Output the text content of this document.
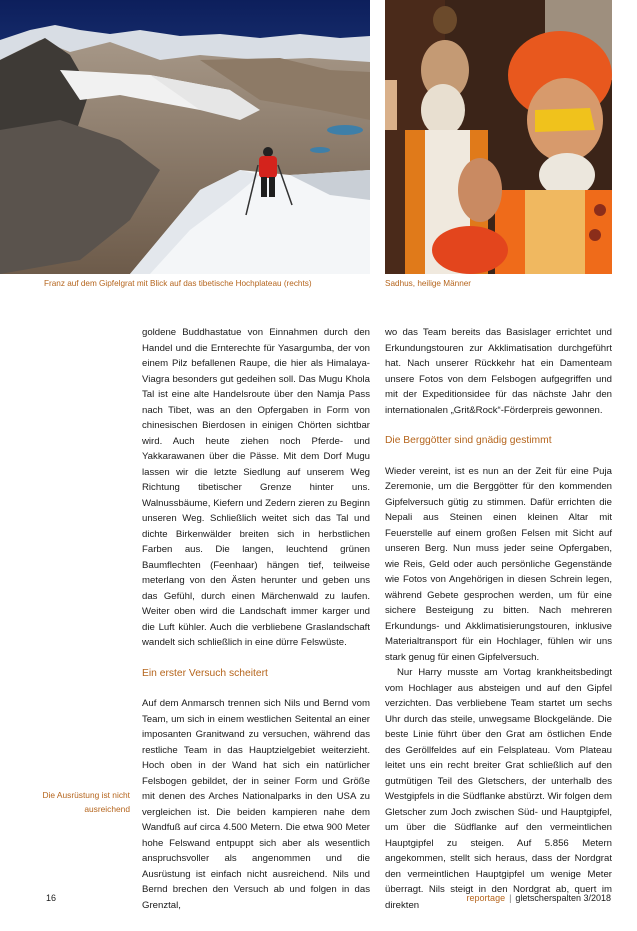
Franz auf dem Gipfelgrat mit Blick auf das tibetische Hochplateau (rechts)	Sadhus, heilige Männer

goldene Buddhastatue von Einnahmen durch den Handel und die Ernterechte für Yasargumba, der von einem Pilz befallenen Raupe, die hier als Himalaya-Viagra besonders gut gedeihen soll. Das Mugu Khola Tal ist eine alte Handelsroute über den Namja Pass nach Tibet, was an den Opfergaben in Form von chinesischen Bierdosen in einigen Chörten sichtbar wird. Auch heute ziehen noch Pferde- und Yakkarawanen über die Pässe. Mit dem Dorf Mugu lassen wir die letzte Siedlung auf unserem Weg Richtung tibetischer Grenze hinter uns. Walnussbäume, Kiefern und Zedern zieren zu Beginn unseren Weg. Schließlich weitet sich das Tal und dichte Birkenwälder breiten sich in herbstlichen Farben aus. Die langen, leuchtend grünen Baumflechten (Feenhaar) hängen tief, teilweise meterlang von den Ästen herunter und geben uns das Gefühl, durch einen Märchenwald zu laufen. Weiter oben wird die Landschaft immer karger und die Luft kühler. Auch die verbliebene Graslandschaft wandelt sich schließlich in eine dürre Felswüste.

Ein erster Versuch scheitert

Auf dem Anmarsch trennen sich Nils und Bernd vom Team, um sich in einem westlichen Seitental an einer imposanten Granitwand zu versuchen, während das restliche Team in das Hauptzielgebiet weiterzieht. Hoch oben in der Wand hat sich ein natürlicher Felsbogen gebildet, der in seiner Form und Größe mit denen des Arches Nationalparks in den USA zu vergleichen ist. Die beiden kampieren nahe dem Wandfuß auf circa 4.500 Metern. Die etwa 900 Meter hohe Felswand entpuppt sich aber als wesentlich anspruchsvoller als angenommen und die Ausrüstung ist einfach nicht ausreichend. Nils und Bernd brechen den Versuch ab und folgen in das Grenztal,

wo das Team bereits das Basislager errichtet und Erkundungstouren zur Akklimatisation durchgeführt hat. Nach unserer Rückkehr hat ein Damenteam unsere Fotos von dem Felsbogen aufgegriffen und mit der Expeditionsidee für das nächste Jahr den internationalen „Grit&Rock“-Förderpreis gewonnen.

Die Berggötter sind gnädig gestimmt

Wieder vereint, ist es nun an der Zeit für eine Puja Zeremonie, um die Berggötter für den kommenden Gipfelversuch gütig zu stimmen. Dafür errichten die Nepali aus Steinen einen kleinen Altar mit Feuerstelle auf einem großen Felsen mit Sicht auf unseren Berg. Nun muss jeder seine Opfergaben, wie Reis, Geld oder auch persönliche Gegenstände wie Fotos von Angehörigen in diesen Schrein legen, während Gebete gesprochen werden, um für eine sichere Besteigung zu bitten. Nach mehreren Erkundungs- und Akklimatisierungstouren, inklusive Materialtransport für ein Hochlager, fühlen wir uns stark genug für einen Gipfelversuch.

Nur Harry musste am Vortag krankheitsbedingt vom Hochlager aus absteigen und auf den Gipfel verzichten. Das verbliebene Team startet um sechs Uhr durch das steile, unwegsame Blockgelände. Die beste Linie führt über den Grat am östlichen Ende des Geröllfeldes auf ein Felsplateau. Vom Plateau leitet uns ein recht breiter Grat schließlich auf den gutmütigen Teil des Gletschers, der unterhalb des Westgipfels in die Südflanke abstürzt. Wir folgen dem Gletscher zum Joch zwischen Süd- und Hauptgipfel, um über die Südflanke auf den vermeintlichen Hauptgipfel zu steigen. Auf 5.856 Metern angekommen, stellt sich heraus, dass der Nordgrat den vermeintlichen Hauptgipfel um wenige Meter überragt. Nils steigt in den Nordgrat ab, quert im direkten

Die Ausrüstung ist nicht ausreichend
16	reportage | gletscherspalten 3/2018
